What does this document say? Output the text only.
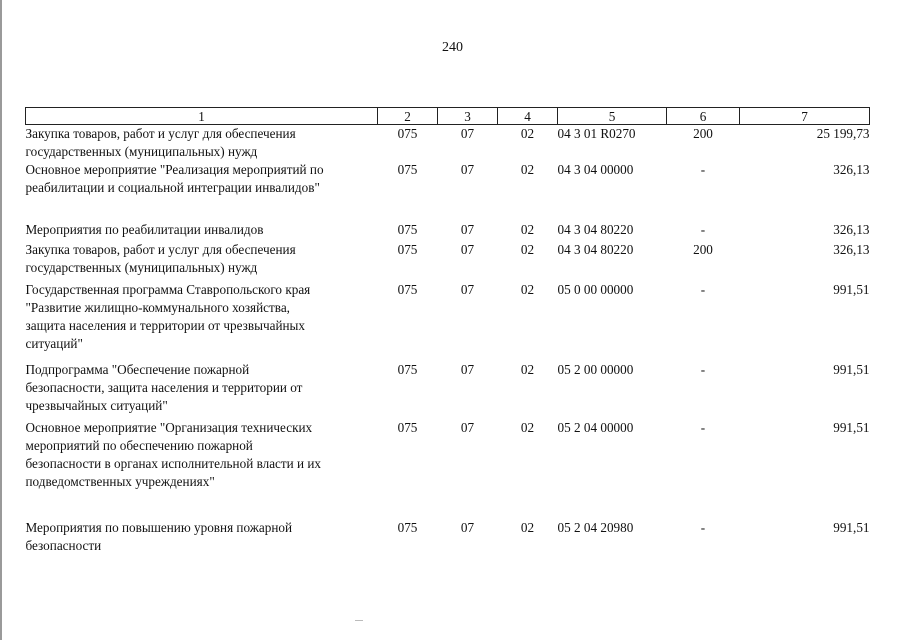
240
1	2	3	4	5	6	7

Закупка товаров, работ и услуг для обеспечения
государственных (муниципальных) нужд	075	07	02	04 3 01 R0270	200	25 199,73

Основное мероприятие "Реализация мероприятий по
реабилитации и социальной интеграции инвалидов"	075	07	02	04 3 04 00000	-	326,13

Мероприятия по реабилитации инвалидов	075	07	02	04 3 04 80220	-	326,13

Закупка товаров, работ и услуг для обеспечения
государственных (муниципальных) нужд	075	07	02	04 3 04 80220	200	326,13

Государственная программа Ставропольского края
"Развитие жилищно-коммунального хозяйства,
защита населения и территории от чрезвычайных
ситуаций"	075	07	02	05 0 00 00000	-	991,51

Подпрограмма "Обеспечение пожарной
безопасности, защита населения и территории от
чрезвычайных ситуаций"	075	07	02	05 2 00 00000	-	991,51

Основное мероприятие "Организация технических
мероприятий по обеспечению пожарной
безопасности в органах исполнительной власти и их
подведомственных учреждениях"	075	07	02	05 2 04 00000	-	991,51

Мероприятия по повышению уровня пожарной
безопасности	075	07	02	05 2 04 20980	-	991,51
